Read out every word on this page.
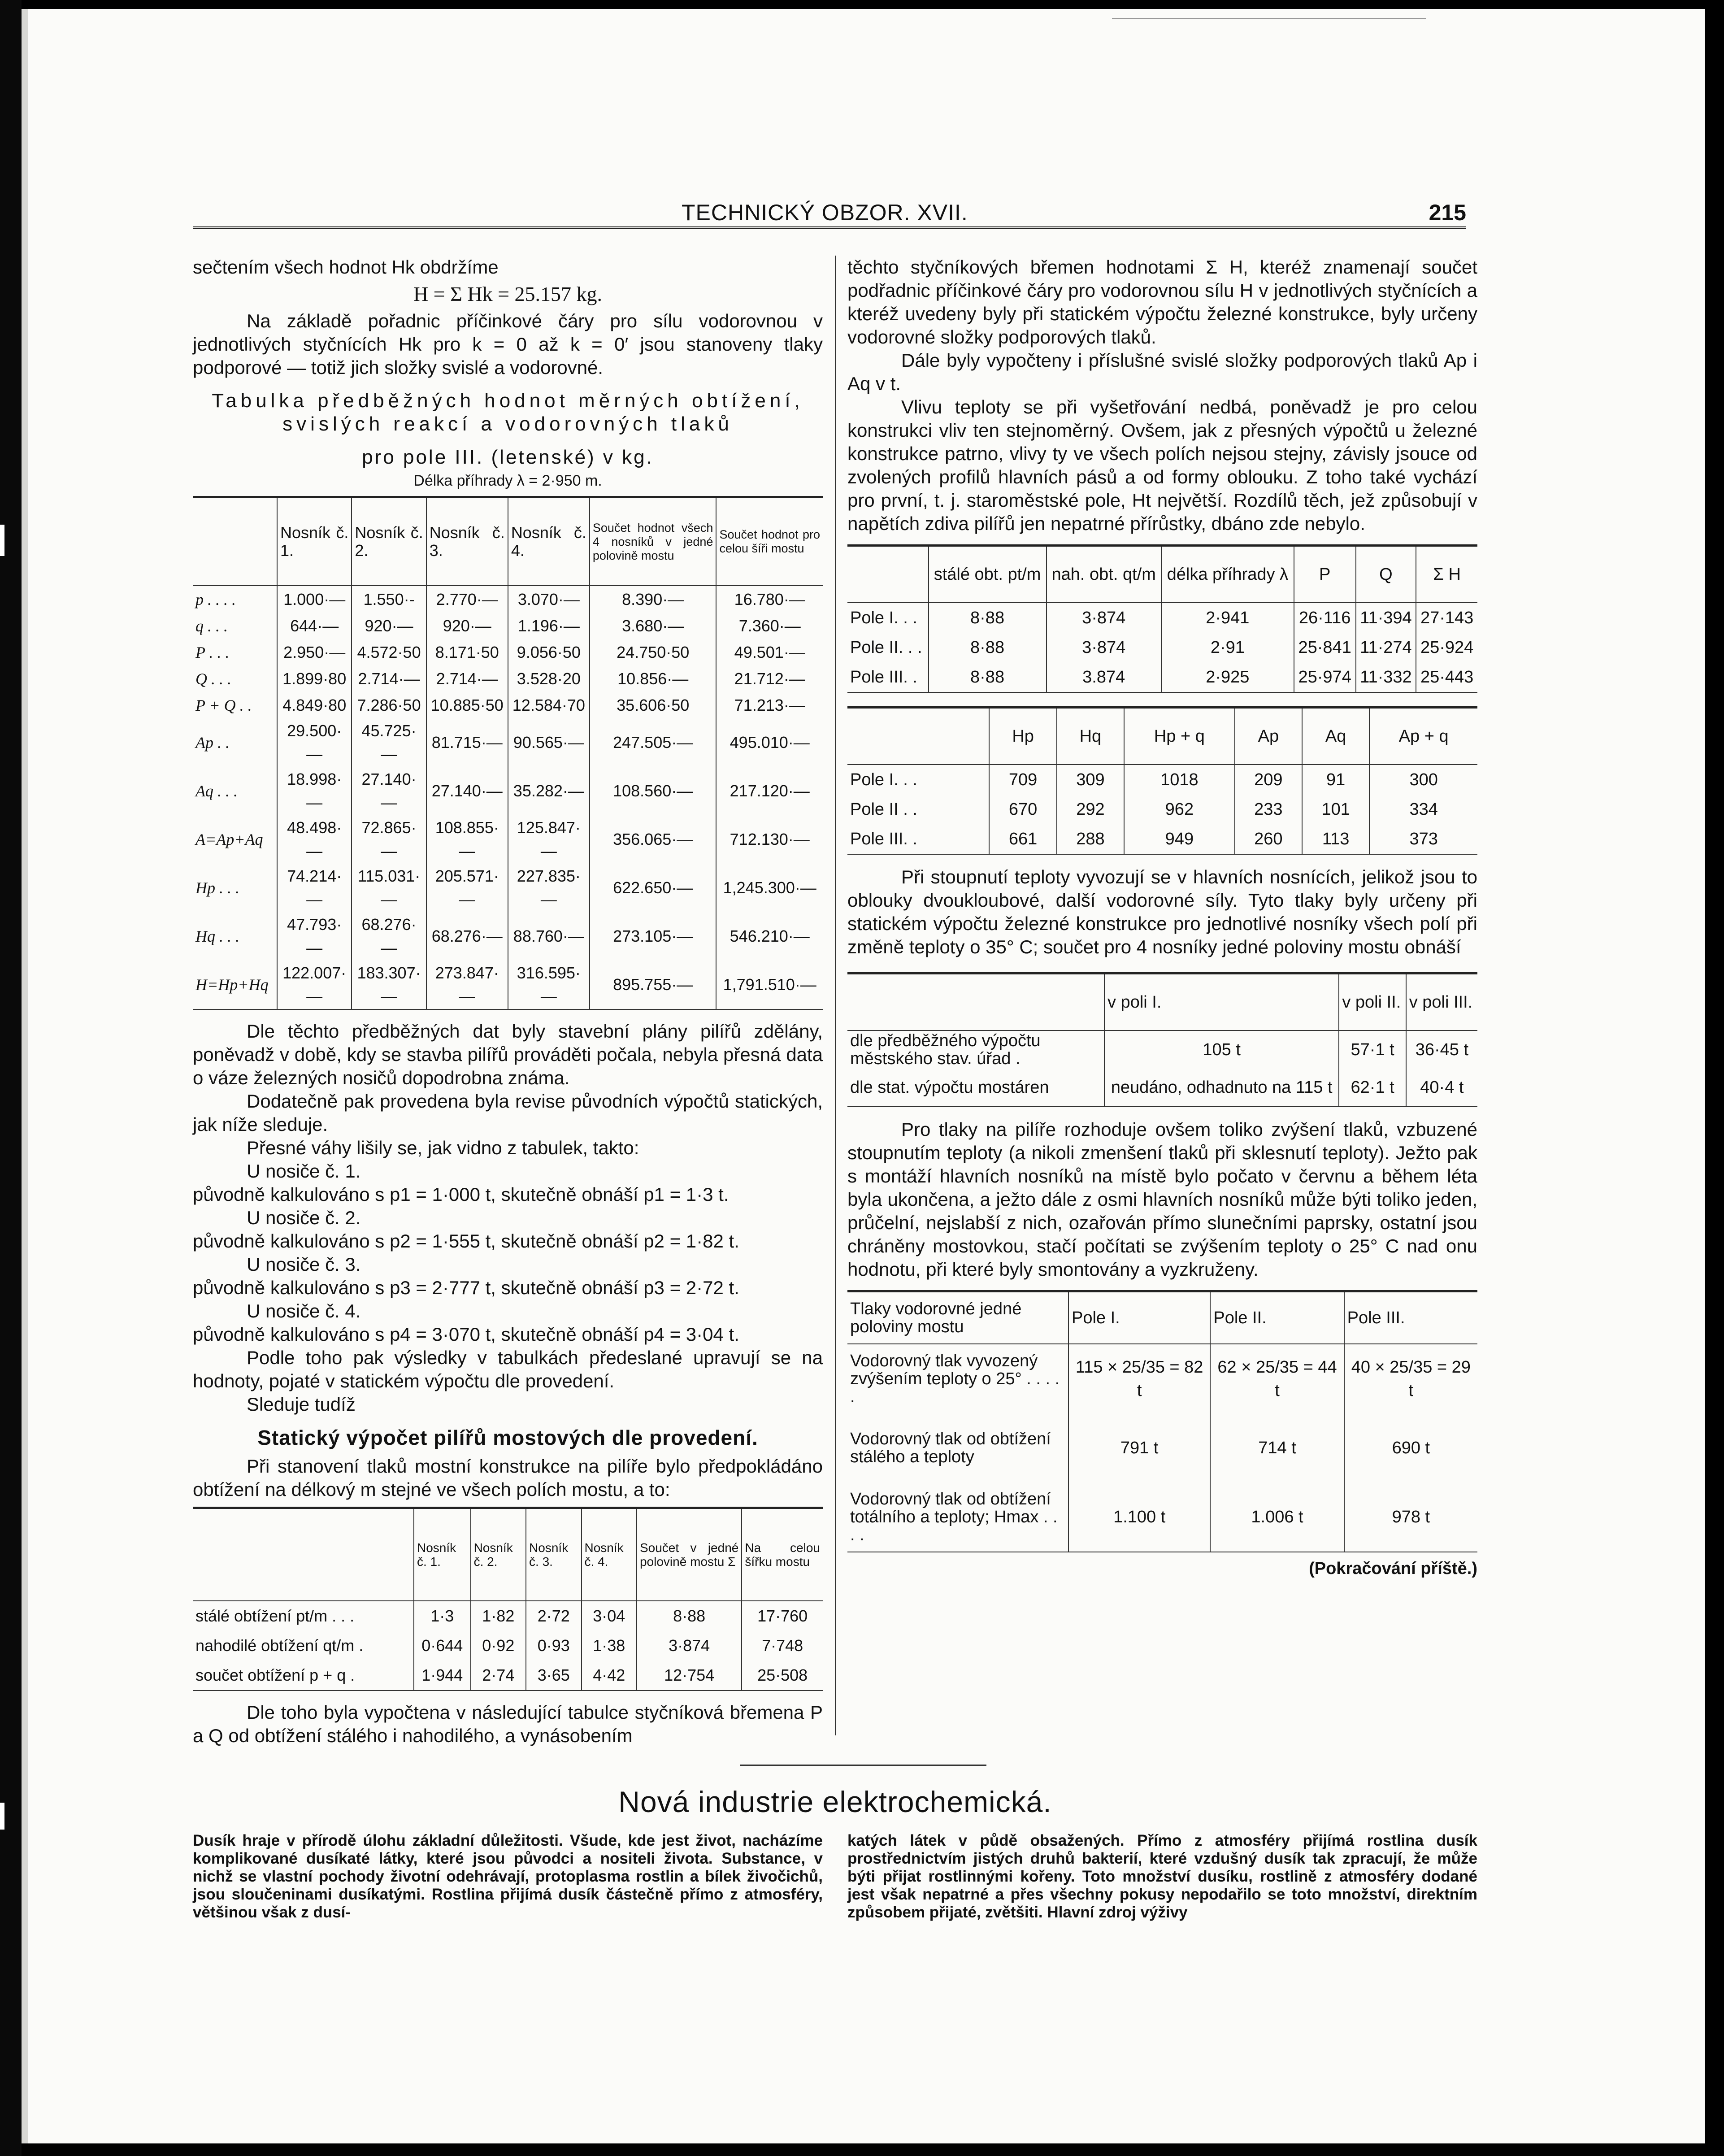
TECHNICKÝ OBZOR. XVII.	215

sečtením všech hodnot Hk obdržíme

H = Σ Hk = 25.157 kg.

Na základě pořadnic příčinkové čáry pro sílu vodorovnou v jednotlivých styčnících Hk pro k = 0 až k = 0′ jsou stanoveny tlaky podporové — totiž jich složky svislé a vodorovné.

Tabulka předběžných hodnot měrných obtížení,

svislých reakcí a vodorovných tlaků

pro pole III. (letenské) v kg.

Délka příhrady λ = 2·950 m.

	Nosník č. 1.	Nosník č. 2.	Nosník č. 3.	Nosník č. 4.	Součet hodnot všech 4 nosníků v jedné polovině mostu	Součet hodnot pro celou šíři mostu
p . . . .	1.000·—	1.550·-	2.770·—	3.070·—	8.390·—	16.780·—
q . . .	644·—	920·—	920·—	1.196·—	3.680·—	7.360·—
P . . .	2.950·—	4.572·50	8.171·50	9.056·50	24.750·50	49.501·—
Q . . .	1.899·80	2.714·—	2.714·—	3.528·20	10.856·—	21.712·—
P + Q . .	4.849·80	7.286·50	10.885·50	12.584·70	35.606·50	71.213·—
Ap . .	29.500·—	45.725·—	81.715·—	90.565·—	247.505·—	495.010·—
Aq . . .	18.998·—	27.140·—	27.140·—	35.282·—	108.560·—	217.120·—
A=Ap+Aq	48.498·—	72.865·—	108.855·—	125.847·—	356.065·—	712.130·—
Hp . . .	74.214·—	115.031·—	205.571·—	227.835·—	622.650·—	1,245.300·—
Hq . . .	47.793·—	68.276·—	68.276·—	88.760·—	273.105·—	546.210·—
H=Hp+Hq	122.007·—	183.307·—	273.847·—	316.595·—	895.755·—	1,791.510·—

Dle těchto předběžných dat byly stavební plány pilířů zdělány, poněvadž v době, kdy se stavba pilířů prováděti počala, nebyla přesná data o váze železných nosičů dopodrobna známa.

Dodatečně pak provedena byla revise původních výpočtů statických, jak níže sleduje.

Přesné váhy lišily se, jak vidno z tabulek, takto:

U nosiče č. 1.

původně kalkulováno s p1 = 1·000 t, skutečně obnáší p1 = 1·3 t.

U nosiče č. 2.

původně kalkulováno s p2 = 1·555 t, skutečně obnáší p2 = 1·82 t.

U nosiče č. 3.

původně kalkulováno s p3 = 2·777 t, skutečně obnáší p3 = 2·72 t.

U nosiče č. 4.

původně kalkulováno s p4 = 3·070 t, skutečně obnáší p4 = 3·04 t.

Podle toho pak výsledky v tabulkách předeslané upravují se na hodnoty, pojaté v statickém výpočtu dle provedení.

Sleduje tudíž

Statický výpočet pilířů mostových dle provedení.

Při stanovení tlaků mostní konstrukce na pilíře bylo předpokládáno obtížení na délkový m stejné ve všech polích mostu, a to:

	Nosník č. 1.	Nosník č. 2.	Nosník č. 3.	Nosník č. 4.	Součet v jedné polovině mostu Σ	Na celou šířku mostu
stálé obtížení pt/m . . .	1·3	1·82	2·72	3·04	8·88	17·760
nahodilé obtížení qt/m .	0·644	0·92	0·93	1·38	3·874	7·748
součet obtížení p + q .	1·944	2·74	3·65	4·42	12·754	25·508

Dle toho byla vypočtena v následující tabulce styčníková břemena P a Q od obtížení stálého i nahodilého, a vynásobením

těchto styčníkových břemen hodnotami Σ H, kteréž znamenají součet podřadnic příčinkové čáry pro vodorovnou sílu H v jednotlivých styčnících a kteréž uvedeny byly při statickém výpočtu železné konstrukce, byly určeny vodorovné složky podporových tlaků.

Dále byly vypočteny i příslušné svislé složky podporových tlaků Ap i Aq v t.

Vlivu teploty se při vyšetřování nedbá, poněvadž je pro celou konstrukci vliv ten stejnoměrný. Ovšem, jak z přesných výpočtů u železné konstrukce patrno, vlivy ty ve všech polích nejsou stejny, závisly jsouce od zvolených profilů hlavních pásů a od formy oblouku. Z toho také vychází pro první, t. j. staroměstské pole, Ht největší. Rozdílů těch, jež způsobují v napětích zdiva pilířů jen nepatrné přírůstky, dbáno zde nebylo.

	stálé obt. pt/m	nah. obt. qt/m	délka příhrady λ	P	Q	Σ H
Pole I. . .	8·88	3·874	2·941	26·116	11·394	27·143
Pole II. . .	8·88	3·874	2·91	25·841	11·274	25·924
Pole III. .	8·88	3.874	2·925	25·974	11·332	25·443
	Hp	Hq	Hp + q	Ap	Aq	Ap + q
Pole I. . .	709	309	1018	209	91	300
Pole II . .	670	292	962	233	101	334
Pole III. .	661	288	949	260	113	373

Při stoupnutí teploty vyvozují se v hlavních nosnících, jelikož jsou to oblouky dvoukloubové, další vodorovné síly. Tyto tlaky byly určeny při statickém výpočtu železné konstrukce pro jednotlivé nosníky všech polí při změně teploty o 35° C; součet pro 4 nosníky jedné poloviny mostu obnáší

	v poli I.	v poli II.	v poli III.
dle předběžného výpočtu městského stav. úřad .	105 t	57·1 t	36·45 t
dle stat. výpočtu mostáren	neudáno, odhadnuto na 115 t	62·1 t	40·4 t

Pro tlaky na pilíře rozhoduje ovšem toliko zvýšení tlaků, vzbuzené stoupnutím teploty (a nikoli zmenšení tlaků při sklesnutí teploty). Ježto pak s montáží hlavních nosníků na místě bylo počato v červnu a během léta byla ukončena, a ježto dále z osmi hlavních nosníků může býti toliko jeden, průčelní, nejslabší z nich, ozařován přímo slunečními paprsky, ostatní jsou chráněny mostovkou, stačí počítati se zvýšením teploty o 25° C nad onu hodnotu, při které byly smontovány a vyzkruženy.

Tlaky vodorovné jedné poloviny mostu	Pole I.	Pole II.	Pole III.
Vodorovný tlak vyvozený zvýšením teploty o 25° . . . . .	115 × 25/35 = 82 t	62 × 25/35 = 44 t	40 × 25/35 = 29 t
Vodorovný tlak od obtížení stálého a teploty	791 t	714 t	690 t
Vodorovný tlak od obtížení totálního a teploty; Hmax . . . .	1.100 t	1.006 t	978 t

(Pokračování příště.)

Nová industrie elektrochemická.
Dusík hraje v přírodě úlohu základní důležitosti. Všude, kde jest život, nacházíme komplikované dusíkaté látky, které jsou původci a nositeli života. Substance, v nichž se vlastní pochody životní odehrávají, protoplasma rostlin a bílek živočichů, jsou sloučeninami dusíkatými. Rostlina přijímá dusík částečně přímo z atmosféry, většinou však z dusí-
katých látek v půdě obsažených. Přímo z atmosféry přijímá rostlina dusík prostřednictvím jistých druhů bakterií, které vzdušný dusík tak zpracují, že může býti přijat rostlinnými kořeny. Toto množství dusíku, rostlině z atmosféry dodané jest však nepatrné a přes všechny pokusy nepodařilo se toto množství, direktním způsobem přijaté, zvětšiti. Hlavní zdroj výživy
